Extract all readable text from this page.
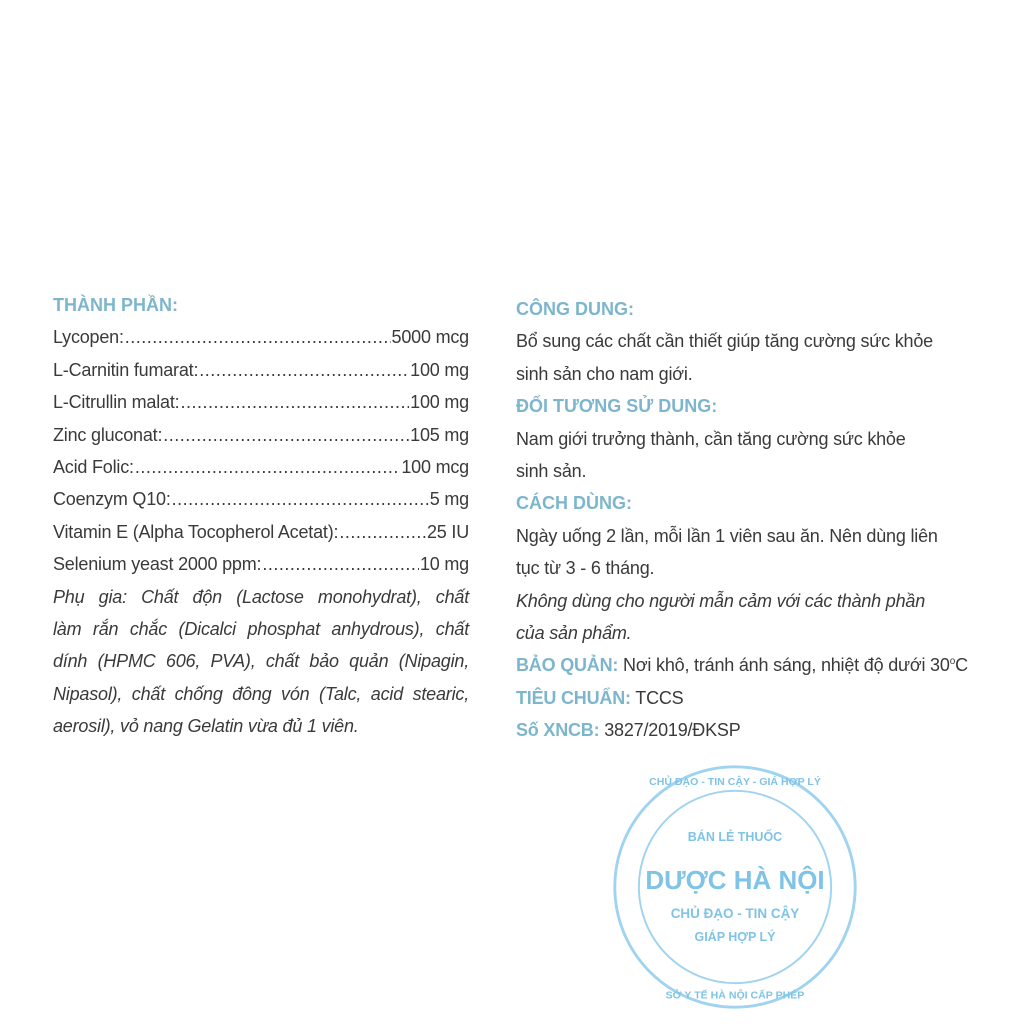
THÀNH PHẦN:
Lycopen: .....	5000 mcg
L-Carnitin fumarat: .....	100 mg
L-Citrullin malat: .....	100 mg
Zinc gluconat: .....	105 mg
Acid Folic: .....	100 mcg
Coenzym Q10: .....	5 mg
Vitamin E (Alpha Tocopherol Acetat): .....	25 IU
Selenium yeast 2000 ppm: .....	10 mg
Phụ gia: Chất độn (Lactose monohydrat), chất
làm rắn chắc (Dicalci phosphat anhydrous), chất
dính (HPMC 606, PVA), chất bảo quản (Nipagin,
Nipasol), chất chống đông vón (Talc, acid stearic,
aerosil), vỏ nang Gelatin vừa đủ 1 viên.
CÔNG DUNG:
Bổ sung các chất cần thiết giúp tăng cường sức khỏe
sinh sản cho nam giới.
ĐỐI TƯƠNG SỬ DUNG:
Nam giới trưởng thành, cần tăng cường sức khỏe
sinh sản.
CÁCH DÙNG:
Ngày uống 2 lần, mỗi lần 1 viên sau ăn. Nên dùng liên
tục từ 3 - 6 tháng.
Không dùng cho người mẫn cảm với các thành phần
của sản phẩm.
BẢO QUẢN: Nơi khô, tránh ánh sáng, nhiệt độ dưới 30$^o$C
TIÊU CHUẨN: TCCS
Số XNCB: 3827/2019/ĐKSP
CHỦ ĐẠO - TIN CẬY - GIÁ HỢP LÝ
BÁN LẺ THUỐC
DƯỢC HÀ NỘI
CHỦ ĐẠO - TIN CẬY
GIÁP HỢP LÝ
SỞ Y TẾ HÀ NỘI CẤP PHÉP
